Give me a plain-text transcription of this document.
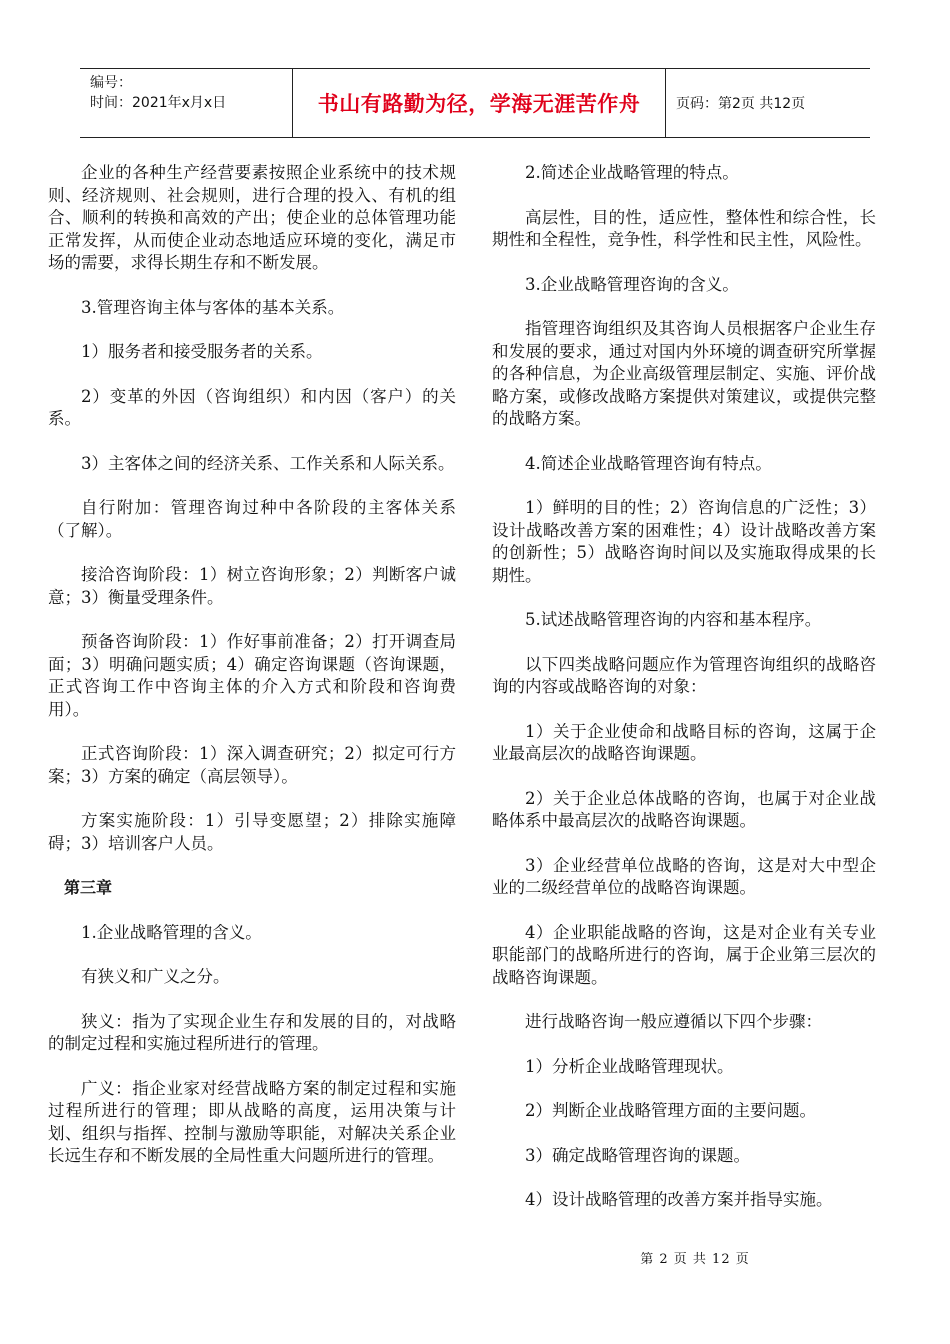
编号：
时间：2021年x月x日	书山有路勤为径，学海无涯苦作舟	页码：第2页 共12页

企业的各种生产经营要素按照企业系统中的技术规则、经济规则、社会规则，进行合理的投入、有机的组合、顺利的转换和高效的产出；使企业的总体管理功能正常发挥，从而使企业动态地适应环境的变化，满足市场的需要，求得长期生存和不断发展。

3.管理咨询主体与客体的基本关系。

1）服务者和接受服务者的关系。

2）变革的外因（咨询组织）和内因（客户）的关系。

3）主客体之间的经济关系、工作关系和人际关系。

自行附加：管理咨询过种中各阶段的主客体关系（了解）。

接洽咨询阶段：1）树立咨询形象；2）判断客户诚意；3）衡量受理条件。

预备咨询阶段：1）作好事前准备；2）打开调查局面；3）明确问题实质；4）确定咨询课题（咨询课题，正式咨询工作中咨询主体的介入方式和阶段和咨询费用）。

正式咨询阶段：1）深入调查研究；2）拟定可行方案；3）方案的确定（高层领导）。

方案实施阶段：1）引导变愿望；2）排除实施障碍；3）培训客户人员。

第三章

1.企业战略管理的含义。

有狭义和广义之分。

狭义：指为了实现企业生存和发展的目的，对战略的制定过程和实施过程所进行的管理。

广义：指企业家对经营战略方案的制定过程和实施过程所进行的管理；即从战略的高度，运用决策与计划、组织与指挥、控制与激励等职能，对解决关系企业长远生存和不断发展的全局性重大问题所进行的管理。

2.简述企业战略管理的特点。

高层性，目的性，适应性，整体性和综合性，长期性和全程性，竞争性，科学性和民主性，风险性。

3.企业战略管理咨询的含义。

指管理咨询组织及其咨询人员根据客户企业生存和发展的要求，通过对国内外环境的调查研究所掌握的各种信息，为企业高级管理层制定、实施、评价战略方案，或修改战略方案提供对策建议，或提供完整的战略方案。

4.简述企业战略管理咨询有特点。

1）鲜明的目的性；2）咨询信息的广泛性；3）设计战略改善方案的困难性；4）设计战略改善方案的创新性；5）战略咨询时间以及实施取得成果的长期性。

5.试述战略管理咨询的内容和基本程序。

以下四类战略问题应作为管理咨询组织的战略咨询的内容或战略咨询的对象：

1）关于企业使命和战略目标的咨询，这属于企业最高层次的战略咨询课题。

2）关于企业总体战略的咨询，也属于对企业战略体系中最高层次的战略咨询课题。

3）企业经营单位战略的咨询，这是对大中型企业的二级经营单位的战略咨询课题。

4）企业职能战略的咨询，这是对企业有关专业职能部门的战略所进行的咨询，属于企业第三层次的战略咨询课题。

进行战略咨询一般应遵循以下四个步骤：

1）分析企业战略管理现状。

2）判断企业战略管理方面的主要问题。

3）确定战略管理咨询的课题。

4）设计战略管理的改善方案并指导实施。

第 2 页 共 12 页
